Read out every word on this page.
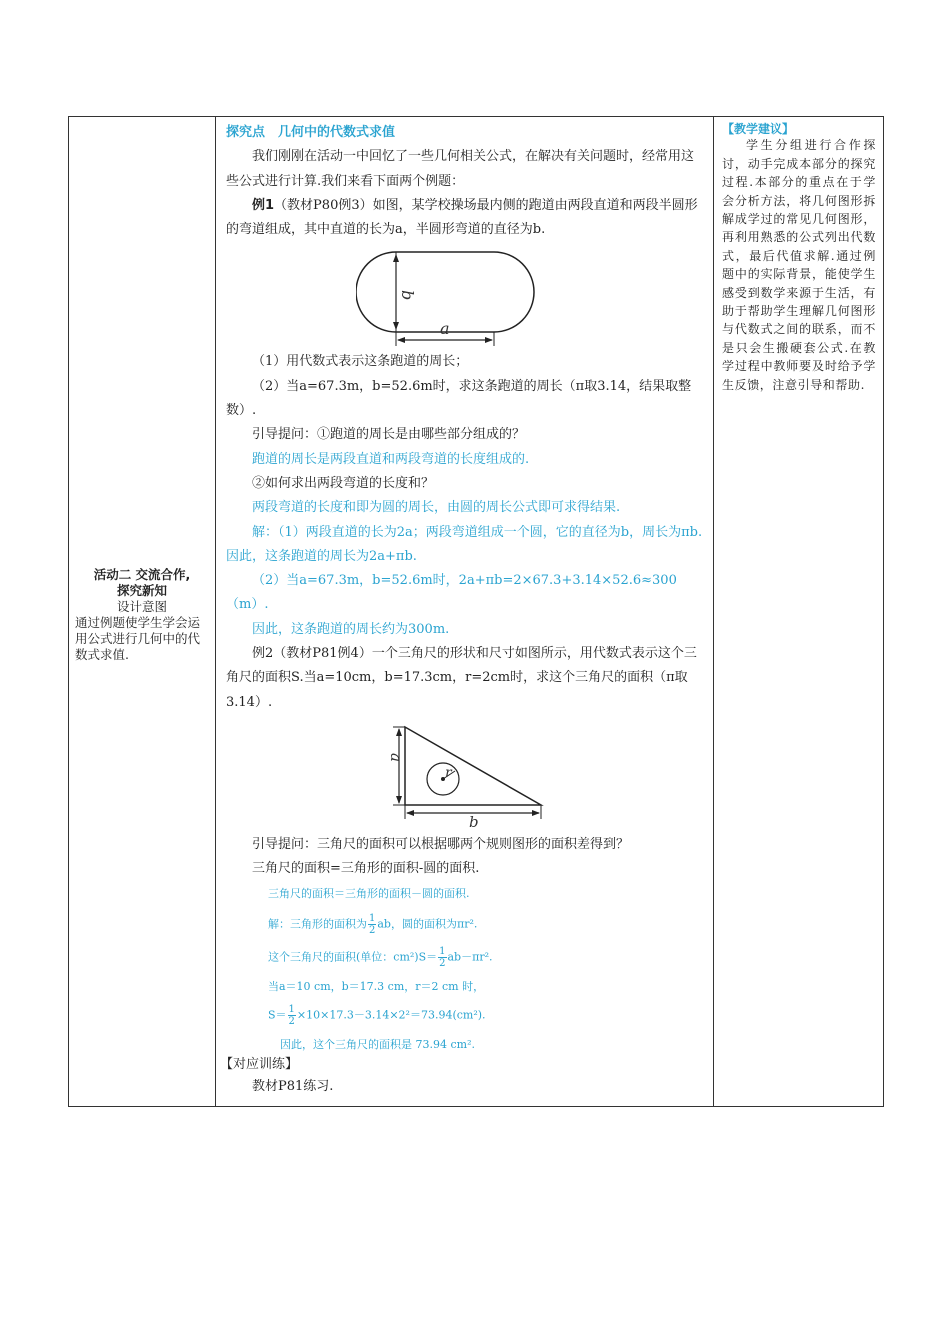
活动二 交流合作,
探究新知
设计意图
通过例题使学生学会运用公式进行几何中的代数式求值.

探究点　几何中的代数式求值

我们刚刚在活动一中回忆了一些几何相关公式，在解决有关问题时，经常用这些公式进行计算.我们来看下面两个例题：

例1（教材P80例3）如图，某学校操场最内侧的跑道由两段直道和两段半圆形的弯道组成，其中直道的长为a，半圆形弯道的直径为b.

b
a

（1）用代数式表示这条跑道的周长；

（2）当a=67.3m，b=52.6m时，求这条跑道的周长（π取3.14，结果取整数）.

引导提问：①跑道的周长是由哪些部分组成的？

跑道的周长是两段直道和两段弯道的长度组成的.

②如何求出两段弯道的长度和？

两段弯道的长度和即为圆的周长，由圆的周长公式即可求得结果.

解：（1）两段直道的长为2a；两段弯道组成一个圆，它的直径为b，周长为πb.因此，这条跑道的周长为2a+πb.

（2）当a=67.3m，b=52.6m时，2a+πb=2×67.3+3.14×52.6≈300（m）.

因此，这条跑道的周长约为300m.

例2（教材P81例4）一个三角尺的形状和尺寸如图所示，用代数式表示这个三角尺的面积S.当a=10cm，b=17.3cm，r=2cm时，求这个三角尺的面积（π取3.14）.

a
b
r

引导提问：三角尺的面积可以根据哪两个规则图形的面积差得到？

三角尺的面积=三角形的面积-圆的面积.

三角尺的面积＝三角形的面积－圆的面积.

解：三角形的面积为 $\frac{1}{2}$ ab，圆的面积为πr².

这个三角尺的面积(单位：$cm^2)S= \frac{1}{2} ab-\pi r^2$.

当a＝10 cm，b＝17.3 cm，r＝2 cm 时，

$S= \frac{1}{2} \times 10\times 17.3-3.14\times 2^2=73.94(cm^2)$.

因此，这个三角尺的面积是 73.94 cm².

【对应训练】

教材P81练习.

【教学建议】
学生分组进行合作探讨，动手完成本部分的探究过程.本部分的重点在于学会分析方法，将几何图形拆解成学过的常见几何图形，再利用熟悉的公式列出代数式，最后代值求解.通过例题中的实际背景，能使学生感受到数学来源于生活，有助于帮助学生理解几何图形与代数式之间的联系，而不是只会生搬硬套公式.在教学过程中教师要及时给予学生反馈，注意引导和帮助.
